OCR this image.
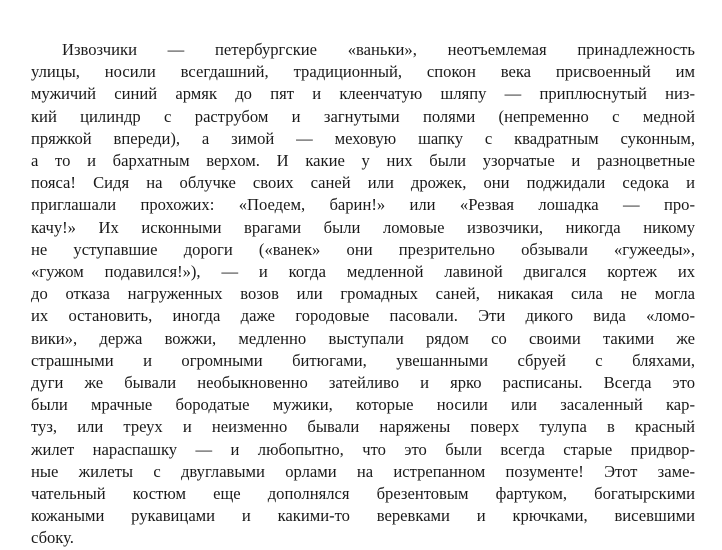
Извозчики — петербургские «ваньки», неотъемлемая принадлежность
улицы, носили всегдашний, традиционный, спокон века присвоенный им
мужичий синий армяк до пят и клеенчатую шляпу — приплюснутый низ-
кий цилиндр с раструбом и загнутыми полями (непременно с медной
пряжкой впереди), а зимой — меховую шапку с квадратным суконным,
а то и бархатным верхом. И какие у них были узорчатые и разноцветные
пояса! Сидя на облучке своих саней или дрожек, они поджидали седока и
приглашали прохожих: «Поедем, барин!» или «Резвая лошадка — про-
качу!» Их исконными врагами были ломовые извозчики, никогда никому
не уступавшие дороги («ванек» они презрительно обзывали «гужееды»,
«гужом подавился!»), — и когда медленной лавиной двигался кортеж их
до отказа нагруженных возов или громадных саней, никакая сила не могла
их остановить, иногда даже городовые пасовали. Эти дикого вида «ломо-
вики», держа вожжи, медленно выступали рядом со своими такими же
страшными и огромными битюгами, увешанными сбруей с бляхами,
дуги же бывали необыкновенно затейливо и ярко расписаны. Всегда это
были мрачные бородатые мужики, которые носили или засаленный кар-
туз, или треух и неизменно бывали наряжены поверх тулупа в красный
жилет нараспашку — и любопытно, что это были всегда старые придвор-
ные жилеты с двуглавыми орлами на истрепанном позументе! Этот заме-
чательный костюм еще дополнялся брезентовым фартуком, богатырскими
кожаными рукавицами и какими-то веревками и крючками, висевшими
сбоку.
